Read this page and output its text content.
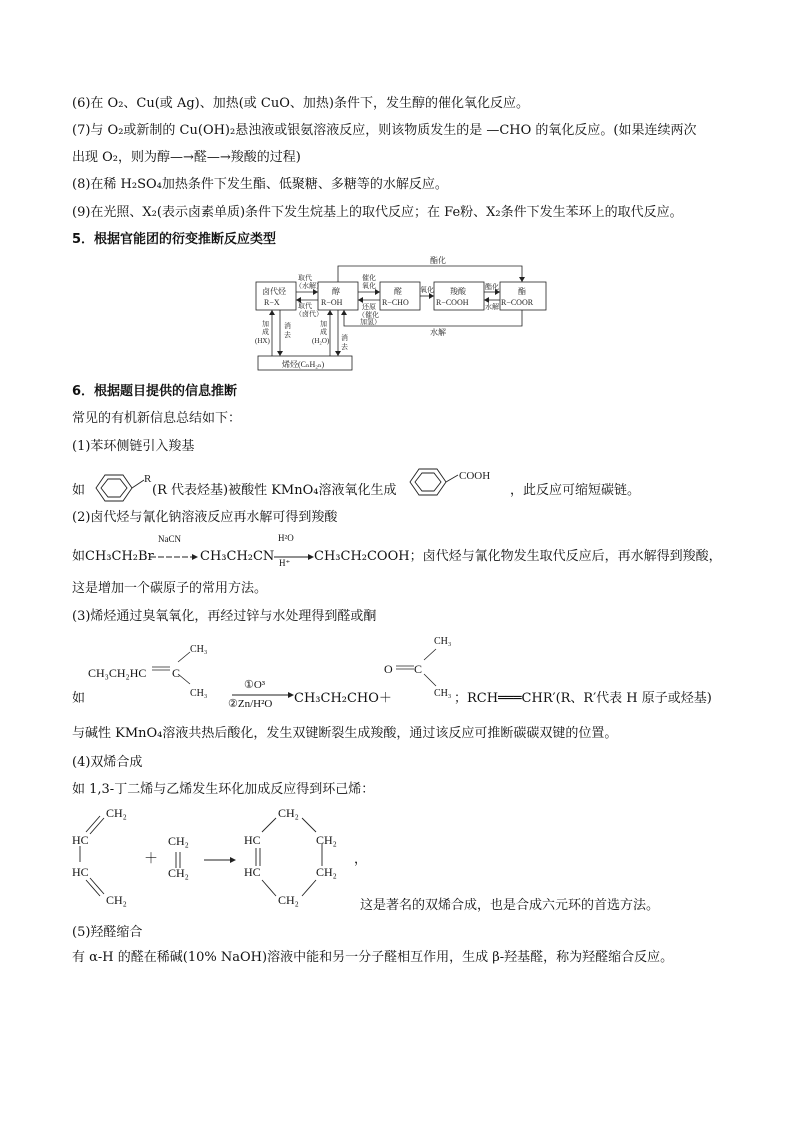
(6)在 O₂、Cu(或 Ag)、加热(或 CuO、加热)条件下，发生醇的催化氧化反应。
(7)与 O₂或新制的 Cu(OH)₂悬浊液或银氨溶液反应，则该物质发生的是 —CHO 的氧化反应。(如果连续两次
出现 O₂，则为醇—→醛—→羧酸的过程)
(8)在稀 H₂SO₄加热条件下发生酯、低聚糖、多糖等的水解反应。
(9)在光照、X₂(表示卤素单质)条件下发生烷基上的取代反应；在 Fe粉、X₂条件下发生苯环上的取代反应。
5．根据官能团的衍变推断反应类型
酯化
卤代烃
R−X
醇
R−OH
醛
R−CHO
羧酸
R−COOH
酯
R−COOR
取代
（水解）
取代
（卤代）
催化
氧化
还原
（催化
加氢）
氧化	酯化
水解
水解
加
成
(HX)
消
去
加
成
(H₂O) 消
去
烯烃(CₙH₂ₙ)
6．根据题目提供的信息推断
常见的有机新信息总结如下：
(1)苯环侧链引入羧基
如
R
(R 代表烃基)被酸性 KMnO₄溶液氧化生成
COOH
，此反应可缩短碳链。
(2)卤代烃与氰化钠溶液反应再水解可得到羧酸
如CH₃CH₂Br
NaCN
CH₃CH₂CN
H²O
H⁺ CH₃CH₂COOH；卤代烃与氰化物发生取代反应后，再水解得到羧酸，
这是增加一个碳原子的常用方法。
(3)烯烃通过臭氧氧化，再经过锌与水处理得到醛或酮
CH₃
CH₃CH₂HC C
CH₃
如
①O³
②Zn/H²O CH₃CH₂CHO＋
CH₃
O C
CH₃ ；RCH═══CHR′(R、R′代表 H 原子或烃基)
与碱性 KMnO₄溶液共热后酸化，发生双键断裂生成羧酸，通过该反应可推断碳碳双键的位置。
(4)双烯合成
如 1,3-丁二烯与乙烯发生环化加成反应得到环己烯：
CH₂
HC
HC
CH₂
＋
CH₂
CH₂
CH₂
HC	CH₂
HC	CH₂
CH₂
，
这是著名的双烯合成，也是合成六元环的首选方法。
(5)羟醛缩合
有 α-H 的醛在稀碱(10% NaOH)溶液中能和另一分子醛相互作用，生成 β-羟基醛，称为羟醛缩合反应。
